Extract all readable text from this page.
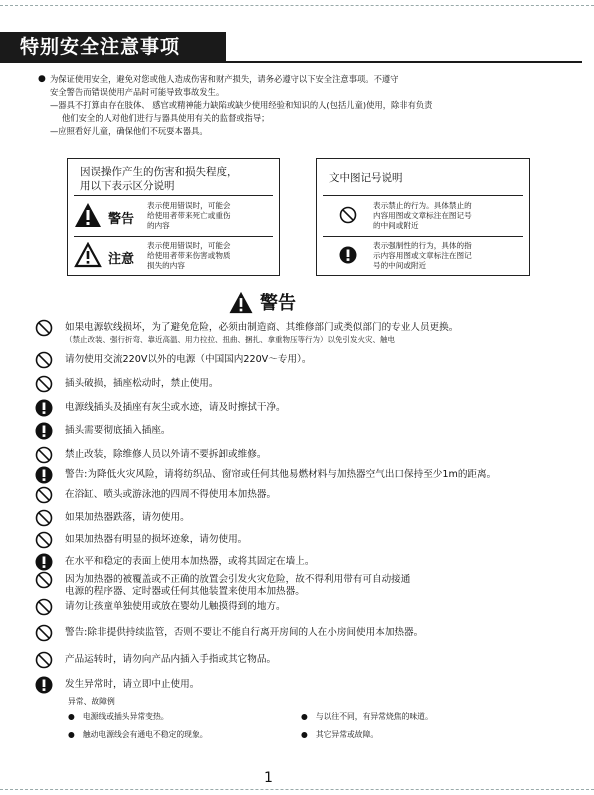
特别安全注意事项
● 为保证使用安全，避免对您或他人造成伤害和财产损失，请务必遵守以下安全注意事项。不遵守
安全警告而错误使用产品时可能导致事故发生。
—器具不打算由存在肢体、 感官或精神能力缺陷或缺少使用经验和知识的人(包括儿童)使用，除非有负责
他们安全的人对他们进行与器具使用有关的监督或指导；
—应照看好儿童，确保他们不玩耍本器具。
因误操作产生的伤害和损失程度，
用以下表示区分说明
警告
表示使用错误时，可能会
给使用者带来死亡或重伤
的内容
注意
表示使用错误时，可能会
给使用者带来伤害或物质
损失的内容
文中图记号说明
表示禁止的行为。具体禁止的
内容用图或文章标注在图记号
的中间或附近
表示强制性的行为，具体的指
示内容用图或文章标注在图记
号的中间或附近
警告
如果电源软线损坏，为了避免危险，必须由制造商、其维修部门或类似部门的专业人员更换。
（禁止改装、强行折弯、靠近高温、用力拉拉、扭曲、捆扎、拿重物压等行为）以免引发火灾、触电
请勿使用交流220V以外的电源（中国国内220V～专用）。
插头破损，插座松动时，禁止使用。
电源线插头及插座有灰尘或水迹，请及时擦拭干净。
插头需要彻底插入插座。
禁止改装，除维修人员以外请不要拆卸或维修。
警告:为降低火灾风险，请将纺织品、窗帘或任何其他易燃材料与加热器空气出口保持至少1m的距离。
在浴缸、喷头或游泳池的四周不得使用本加热器。
如果加热器跌落，请勿使用。
如果加热器有明显的损坏迹象，请勿使用。
在水平和稳定的表面上使用本加热器，或将其固定在墙上。
因为加热器的被覆盖或不正确的放置会引发火灾危险，故不得利用带有可自动接通
电源的程序器、定时器或任何其他装置来使用本加热器。
请勿让孩童单独使用或放在婴幼儿触摸得到的地方。
警告:除非提供持续监管，否则不要让不能自行离开房间的人在小房间使用本加热器。
产品运转时，请勿向产品内插入手指或其它物品。
发生异常时，请立即中止使用。
异常、故障例
● 电源线或插头异常变热。	● 与以往不同，有异常烧焦的味道。
● 触动电源线会有通电不稳定的现象。	● 其它异常或故障。
1
